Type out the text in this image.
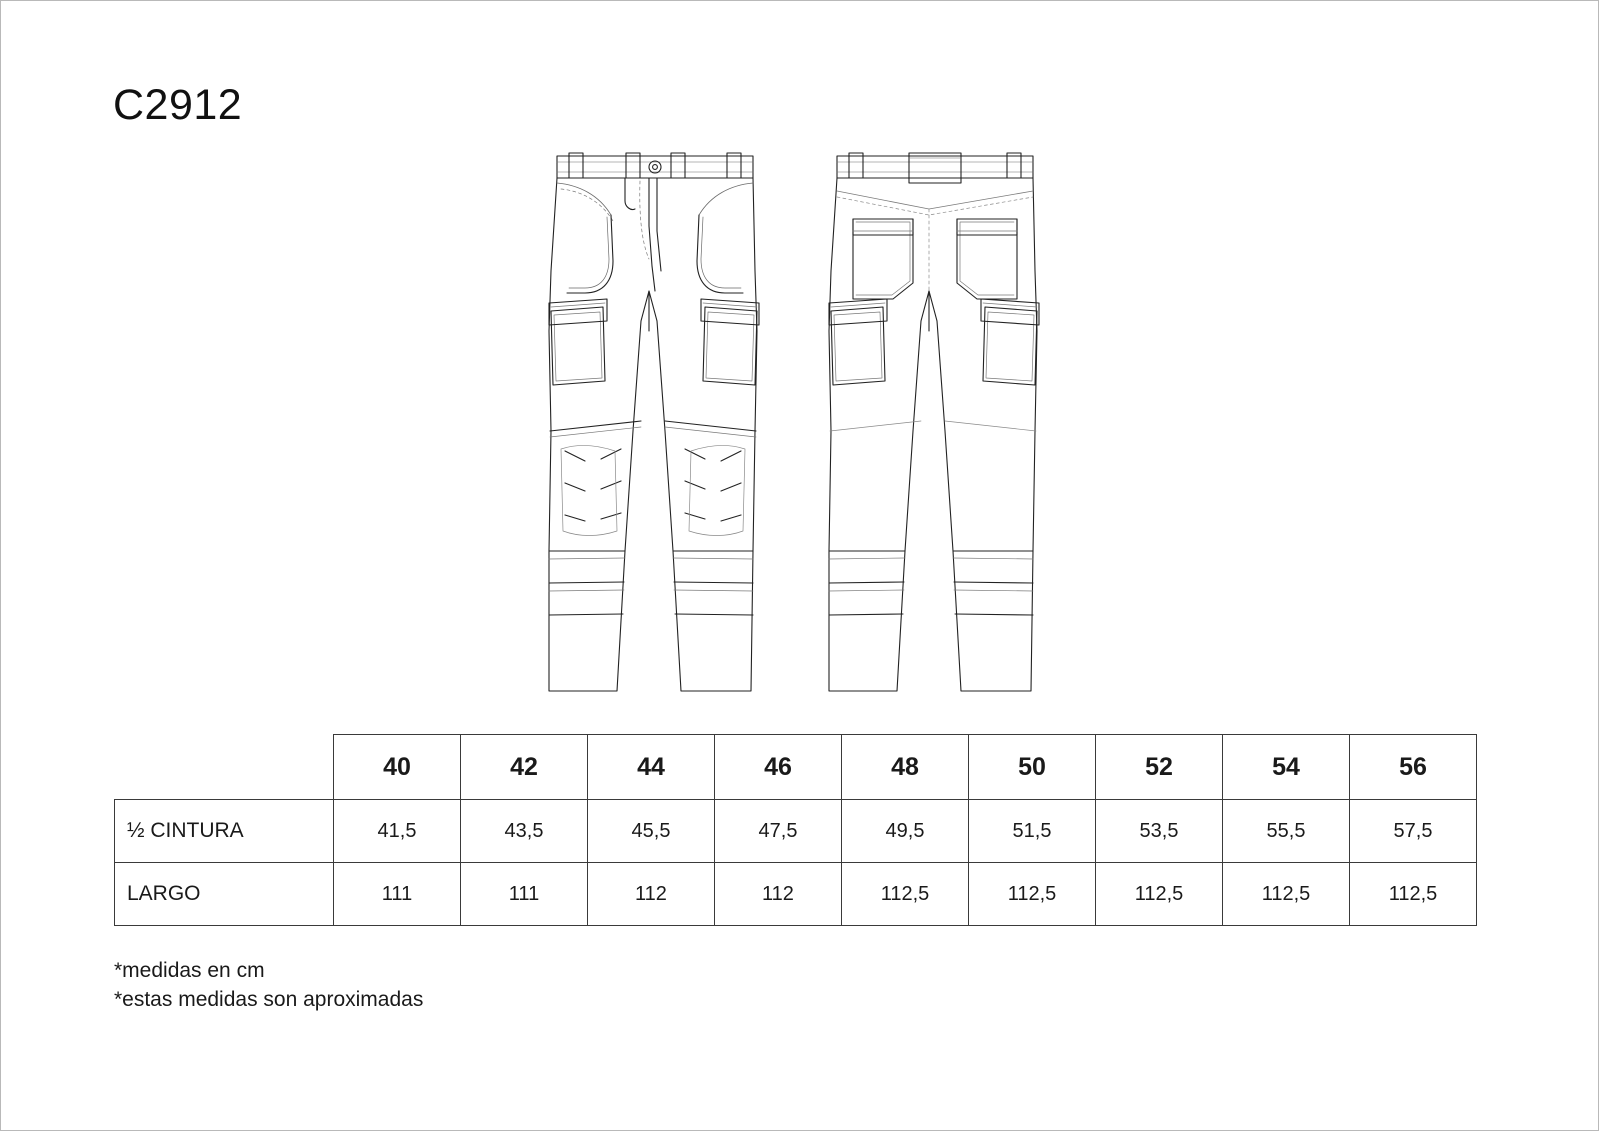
C2912
	40	42	44	46	48	50	52	54	56
½ CINTURA	41,5	43,5	45,5	47,5	49,5	51,5	53,5	55,5	57,5
LARGO	111	111	112	112	112,5	112,5	112,5	112,5	112,5
*medidas en cm
*estas medidas son aproximadas
